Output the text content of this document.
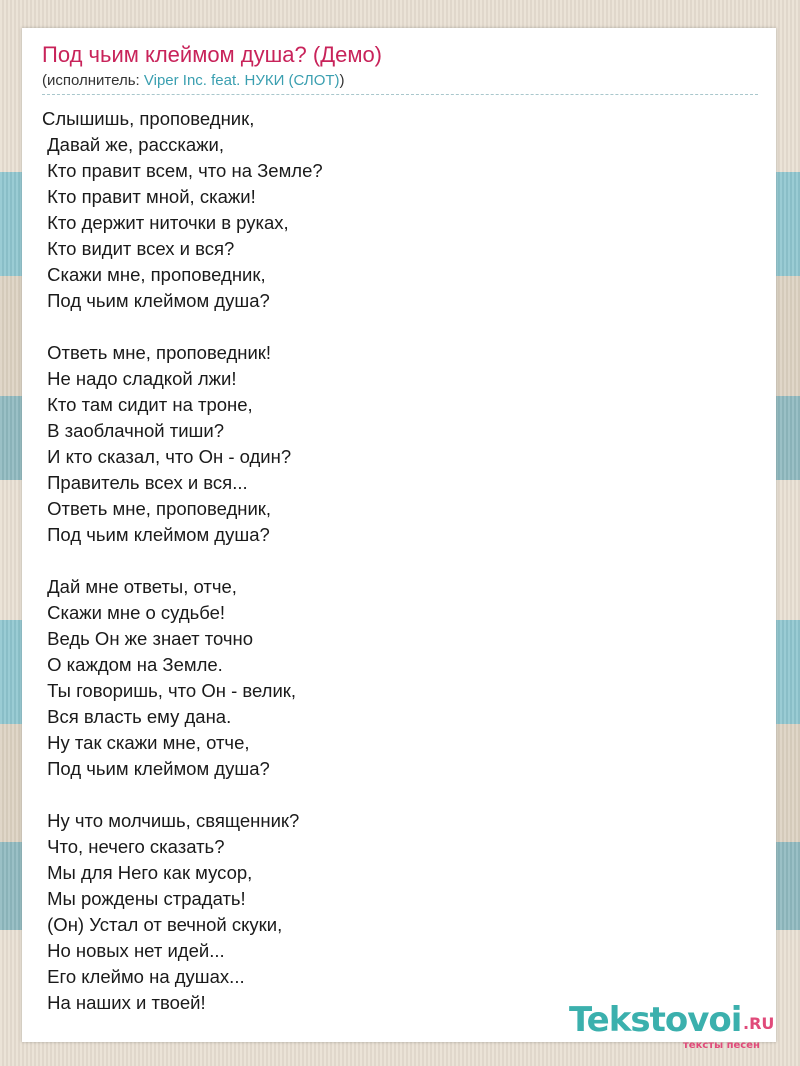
Под чьим клеймом душа? (Демо)
(исполнитель: Viper Inc. feat. НУКИ (СЛОТ))
Слышишь, проповедник,
Давай же, расскажи,
Кто правит всем, что на Земле?
Кто правит мной, скажи!
Кто держит ниточки в руках,
Кто видит всех и вся?
Скажи мне, проповедник,
Под чьим клеймом душа?

Ответь мне, проповедник!
Не надо сладкой лжи!
Кто там сидит на троне,
В заоблачной тиши?
И кто сказал, что Он - один?
Правитель всех и вся...
Ответь мне, проповедник,
Под чьим клеймом душа?

Дай мне ответы, отче,
Скажи мне о судьбе!
Ведь Он же знает точно
О каждом на Земле.
Ты говоришь, что Он - велик,
Вся власть ему дана.
Ну так скажи мне, отче,
Под чьим клеймом душа?

Ну что молчишь, священник?
Что, нечего сказать?
Мы для Него как мусор,
Мы рождены страдать!
(Он) Устал от вечной скуки,
Но новых нет идей...
Его клеймо на душах...
На наших и твоей!	Tekstovoi .RU
тексты песен
